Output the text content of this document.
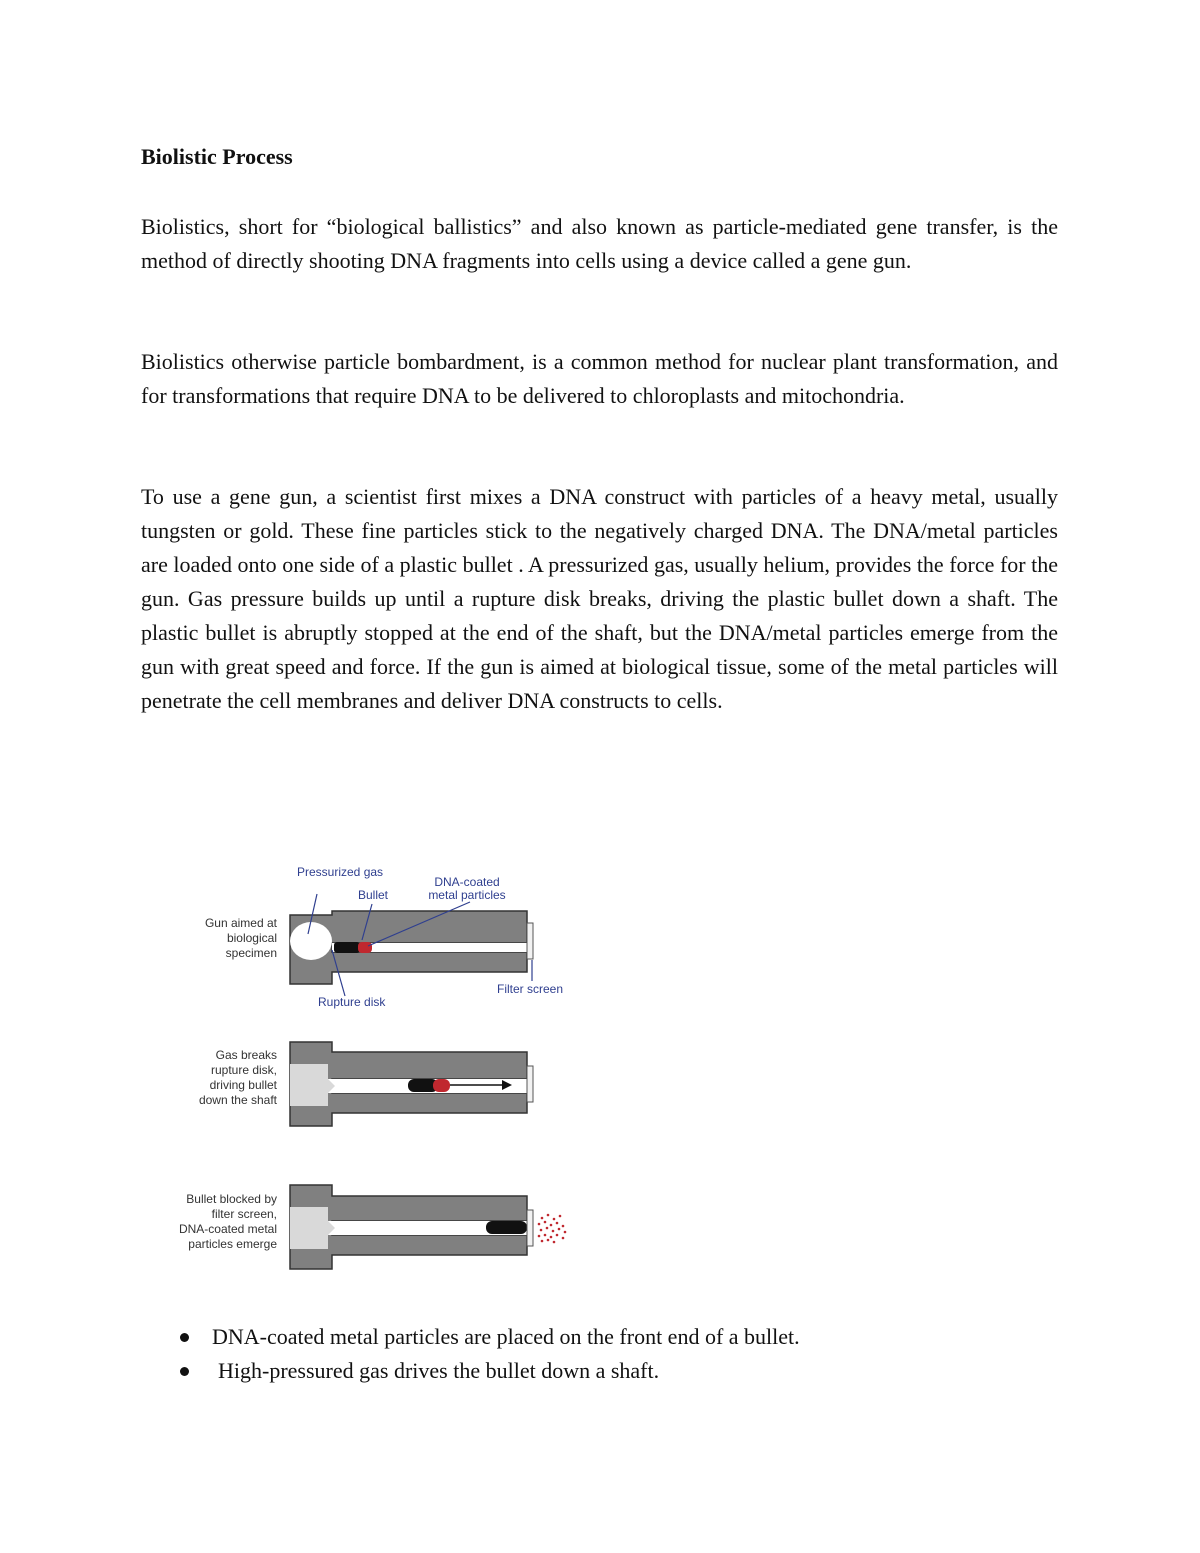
Biolistic Process

Biolistics, short for “biological ballistics” and also known as particle-mediated gene transfer, is the method of directly shooting DNA fragments into cells using a device called a gene gun.

Biolistics otherwise particle bombardment, is a common method for nuclear plant transformation, and for transformations that require DNA to be delivered to chloroplasts and mitochondria.

To use a gene gun, a scientist first mixes a DNA construct with particles of a heavy metal, usually tungsten or gold. These fine particles stick to the negatively charged DNA. The DNA/metal particles are loaded onto one side of a plastic bullet . A pressurized gas, usually helium, provides the force for the gun. Gas pressure builds up until a rupture disk breaks, driving the plastic bullet down a shaft. The plastic bullet is abruptly stopped at the end of the shaft, but the DNA/metal particles emerge from the gun with great speed and force. If the gun is aimed at biological tissue, some of the metal particles will penetrate the cell membranes and deliver DNA constructs to cells.

Pressurized gas
Bullet
DNA-coated
metal particles
Rupture disk
Filter screen
Gun aimed at
biological
specimen
Gas breaks
rupture disk,
driving bullet
down the shaft
Bullet blocked by
filter screen,
DNA-coated metal
particles emerge
DNA-coated metal particles are placed on the front end of a bullet.
High-pressured gas drives the bullet down a shaft.
